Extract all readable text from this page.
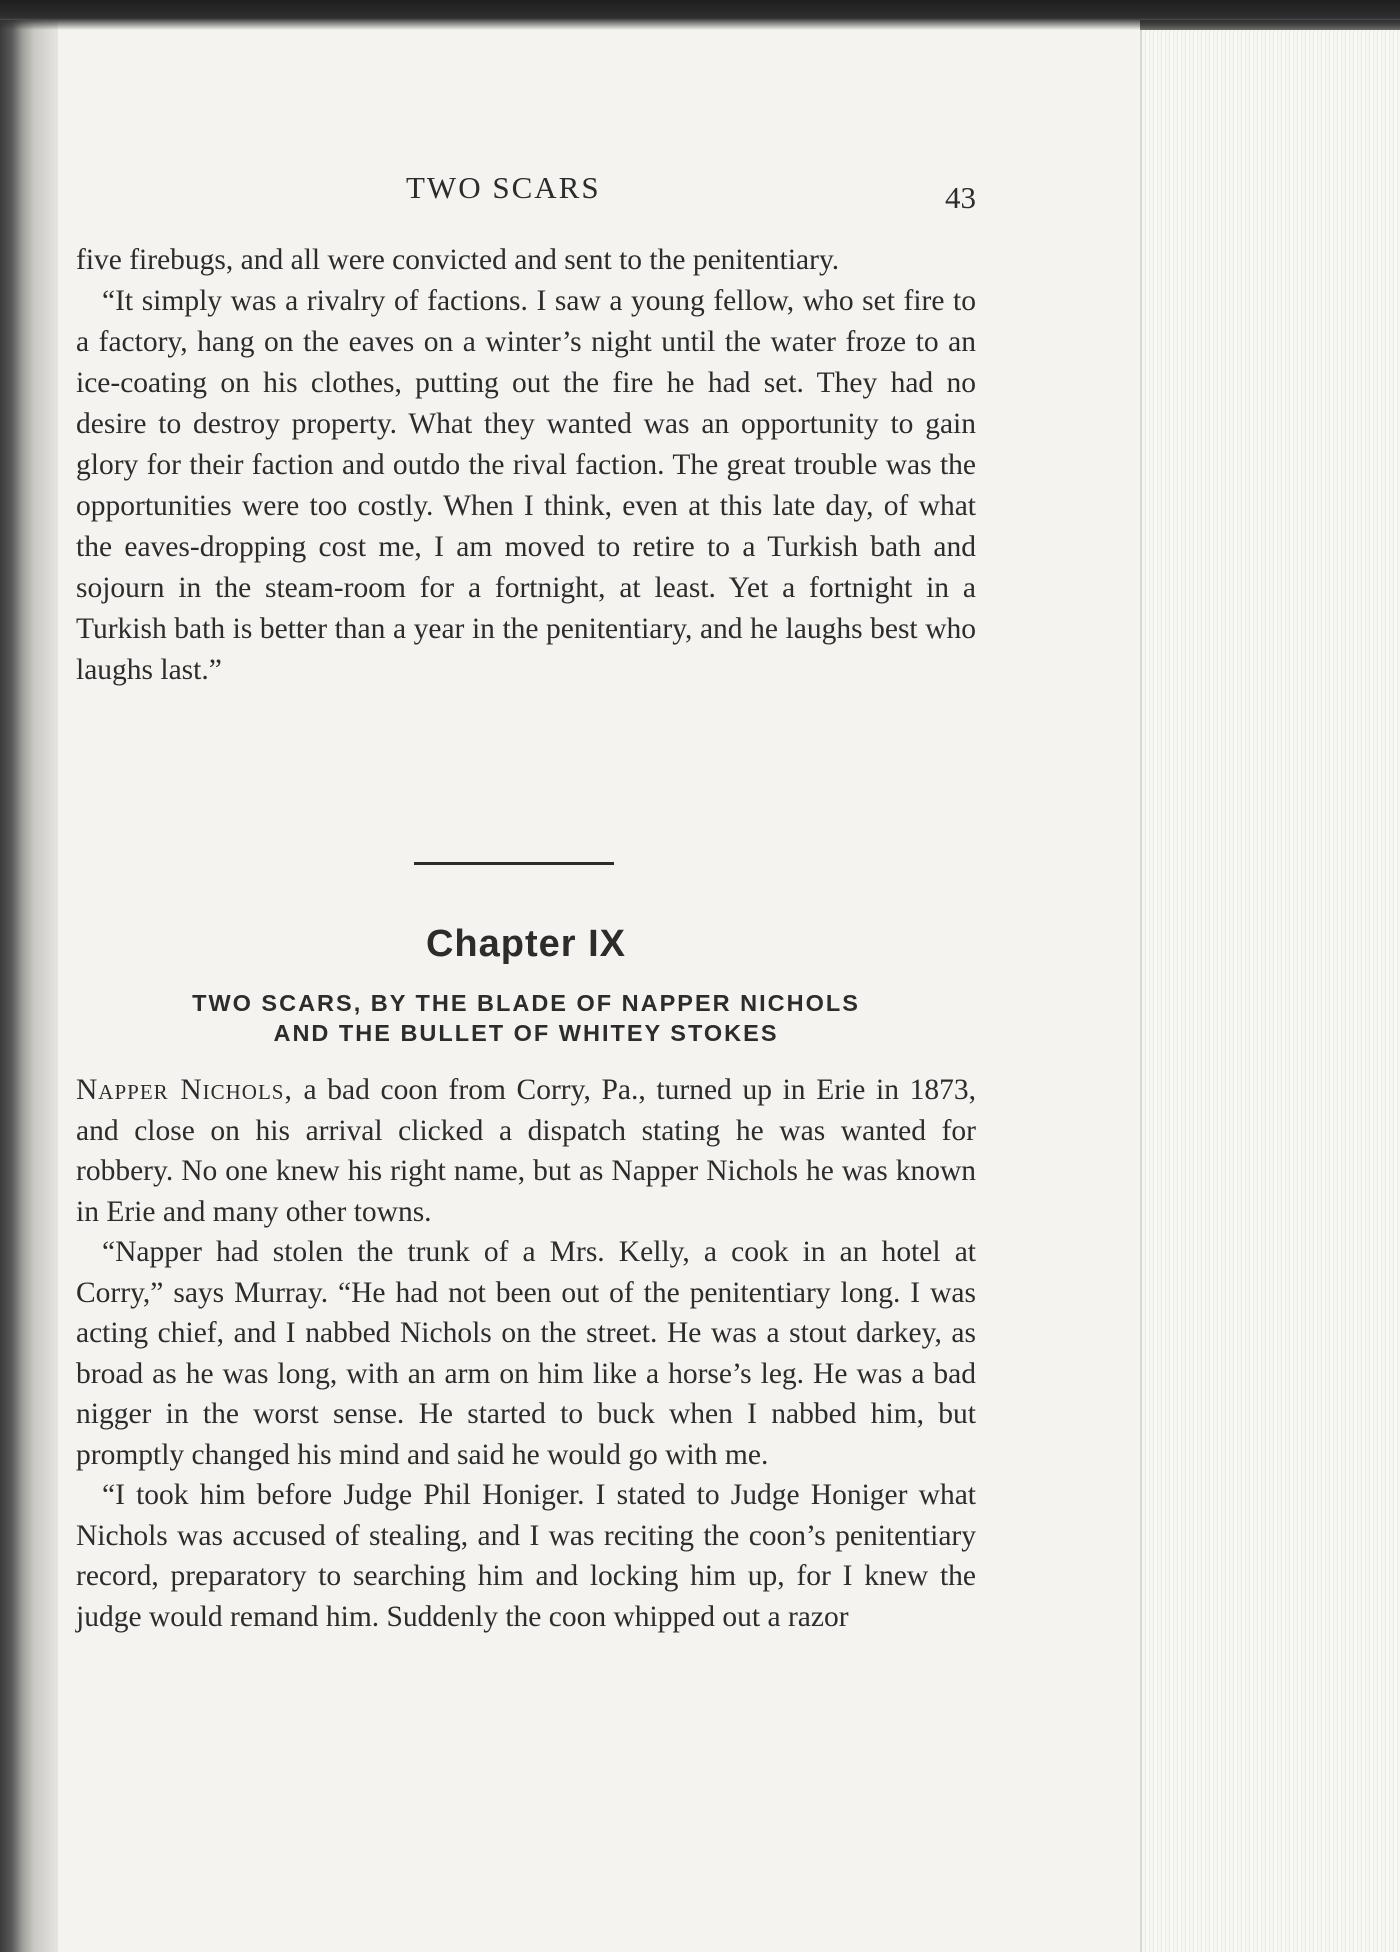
TWO SCARS	43

five firebugs, and all were convicted and sent to the penitentiary.

“It simply was a rivalry of factions. I saw a young fellow, who set fire to a factory, hang on the eaves on a winter’s night until the water froze to an ice-coating on his clothes, putting out the fire he had set. They had no desire to destroy property. What they wanted was an opportunity to gain glory for their faction and outdo the rival faction. The great trouble was the opportunities were too costly. When I think, even at this late day, of what the eaves-dropping cost me, I am moved to retire to a Turkish bath and sojourn in the steam-room for a fortnight, at least. Yet a fortnight in a Turkish bath is better than a year in the penitentiary, and he laughs best who laughs last.”

Chapter IX
TWO SCARS, BY THE BLADE OF NAPPER NICHOLS
AND THE BULLET OF WHITEY STOKES

Napper Nichols, a bad coon from Corry, Pa., turned up in Erie in 1873, and close on his arrival clicked a dispatch stating he was wanted for robbery. No one knew his right name, but as Napper Nichols he was known in Erie and many other towns.

“Napper had stolen the trunk of a Mrs. Kelly, a cook in an hotel at Corry,” says Murray. “He had not been out of the penitentiary long. I was acting chief, and I nabbed Nichols on the street. He was a stout darkey, as broad as he was long, with an arm on him like a horse’s leg. He was a bad nigger in the worst sense. He started to buck when I nabbed him, but promptly changed his mind and said he would go with me.

“I took him before Judge Phil Honiger. I stated to Judge Honiger what Nichols was accused of stealing, and I was reciting the coon’s penitentiary record, preparatory to searching him and locking him up, for I knew the judge would remand him. Suddenly the coon whipped out a razor
